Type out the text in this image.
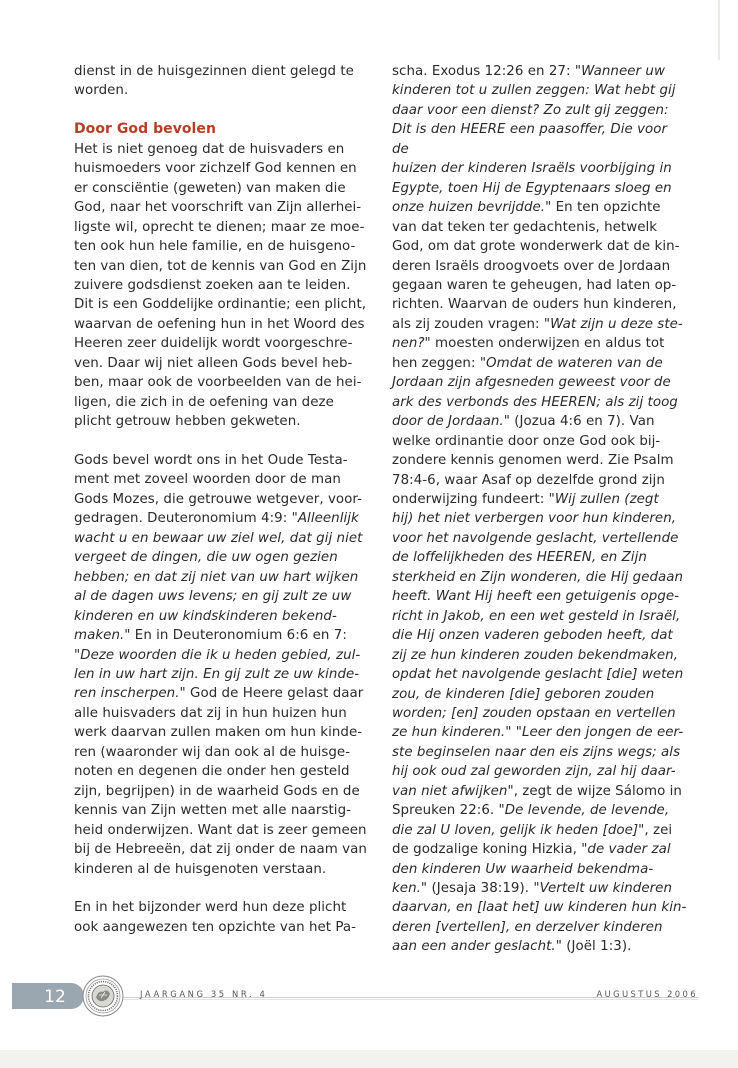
dienst in de huisgezinnen dient gelegd te
worden.

Door God bevolen

Het is niet genoeg dat de huisvaders en
huismoeders voor zichzelf God kennen en
er consciëntie (geweten) van maken die
God, naar het voorschrift van Zijn allerhei-
ligste wil, oprecht te dienen; maar ze moe-
ten ook hun hele familie, en de huisgeno-
ten van dien, tot de kennis van God en Zijn
zuivere godsdienst zoeken aan te leiden.
Dit is een Goddelijke ordinantie; een plicht,
waarvan de oefening hun in het Woord des
Heeren zeer duidelijk wordt voorgeschre-
ven. Daar wij niet alleen Gods bevel heb-
ben, maar ook de voorbeelden van de hei-
ligen, die zich in de oefening van deze
plicht getrouw hebben gekweten.

Gods bevel wordt ons in het Oude Testa-
ment met zoveel woorden door de man
Gods Mozes, die getrouwe wetgever, voor-
gedragen. Deuteronomium 4:9: "Alleenlijk
wacht u en bewaar uw ziel wel, dat gij niet
vergeet de dingen, die uw ogen gezien
hebben; en dat zij niet van uw hart wijken
al de dagen uws levens; en gij zult ze uw
kinderen en uw kindskinderen bekend-
maken." En in Deuteronomium 6:6 en 7:
"Deze woorden die ik u heden gebied, zul-
len in uw hart zijn. En gij zult ze uw kinde-
ren inscherpen." God de Heere gelast daar
alle huisvaders dat zij in hun huizen hun
werk daarvan zullen maken om hun kinde-
ren (waaronder wij dan ook al de huisge-
noten en degenen die onder hen gesteld
zijn, begrijpen) in de waarheid Gods en de
kennis van Zijn wetten met alle naarstig-
heid onderwijzen. Want dat is zeer gemeen
bij de Hebreeën, dat zij onder de naam van
kinderen al de huisgenoten verstaan.

En in het bijzonder werd hun deze plicht
ook aangewezen ten opzichte van het Pa-

scha. Exodus 12:26 en 27: "Wanneer uw
kinderen tot u zullen zeggen: Wat hebt gij
daar voor een dienst? Zo zult gij zeggen:
Dit is den HEERE een paasoffer, Die voor de
huizen der kinderen Israëls voorbijging in
Egypte, toen Hij de Egyptenaars sloeg en
onze huizen bevrijdde." En ten opzichte
van dat teken ter gedachtenis, hetwelk
God, om dat grote wonderwerk dat de kin-
deren Israëls droogvoets over de Jordaan
gegaan waren te geheugen, had laten op-
richten. Waarvan de ouders hun kinderen,
als zij zouden vragen: "Wat zijn u deze ste-
nen?" moesten onderwijzen en aldus tot
hen zeggen: "Omdat de wateren van de
Jordaan zijn afgesneden geweest voor de
ark des verbonds des HEEREN; als zij toog
door de Jordaan." (Jozua 4:6 en 7). Van
welke ordinantie door onze God ook bij-
zondere kennis genomen werd. Zie Psalm
78:4-6, waar Asaf op dezelfde grond zijn
onderwijzing fundeert: "Wij zullen (zegt
hij) het niet verbergen voor hun kinderen,
voor het navolgende geslacht, vertellende
de loffelijkheden des HEEREN, en Zijn
sterkheid en Zijn wonderen, die Hij gedaan
heeft. Want Hij heeft een getuigenis opge-
richt in Jakob, en een wet gesteld in Israël,
die Hij onzen vaderen geboden heeft, dat
zij ze hun kinderen zouden bekendmaken,
opdat het navolgende geslacht [die] weten
zou, de kinderen [die] geboren zouden
worden; [en] zouden opstaan en vertellen
ze hun kinderen." "Leer den jongen de eer-
ste beginselen naar den eis zijns wegs; als
hij ook oud zal geworden zijn, zal hij daar-
van niet afwijken", zegt de wijze Sálomo in
Spreuken 22:6. "De levende, de levende,
die zal U loven, gelijk ik heden [doe]", zei
de godzalige koning Hizkia, "de vader zal
den kinderen Uw waarheid bekendma-
ken." (Jesaja 38:19). "Vertelt uw kinderen
daarvan, en [laat het] uw kinderen hun kin-
deren [vertellen], en derzelver kinderen
aan een ander geslacht." (Joël 1:3).

12	JAARGANG 35 NR. 4	AUGUSTUS 2006
